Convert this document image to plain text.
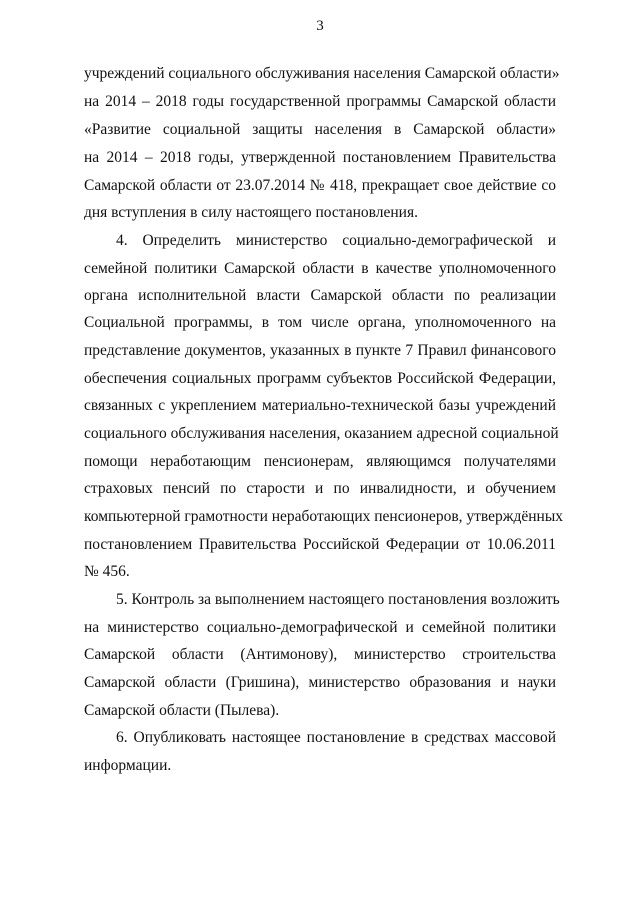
3
учреждений социального обслуживания населения Самарской области»
на 2014 – 2018 годы государственной программы Самарской области
«Развитие социальной защиты населения в Самарской области»
на 2014 – 2018 годы, утвержденной постановлением Правительства
Самарской области от 23.07.2014 № 418, прекращает свое действие со
дня вступления в силу настоящего постановления.
4. Определить министерство социально-демографической и
семейной политики Самарской области в качестве уполномоченного
органа исполнительной власти Самарской области по реализации
Социальной программы, в том числе органа, уполномоченного на
представление документов, указанных в пункте 7 Правил финансового
обеспечения социальных программ субъектов Российской Федерации,
связанных с укреплением материально-технической базы учреждений
социального обслуживания населения, оказанием адресной социальной
помощи неработающим пенсионерам, являющимся получателями
страховых пенсий по старости и по инвалидности, и обучением
компьютерной грамотности неработающих пенсионеров, утверждённых
постановлением Правительства Российской Федерации от 10.06.2011
№ 456.
5. Контроль за выполнением настоящего постановления возложить
на министерство социально-демографической и семейной политики
Самарской области (Антимонову), министерство строительства
Самарской области (Гришина), министерство образования и науки
Самарской области (Пылева).
6. Опубликовать настоящее постановление в средствах массовой
информации.
